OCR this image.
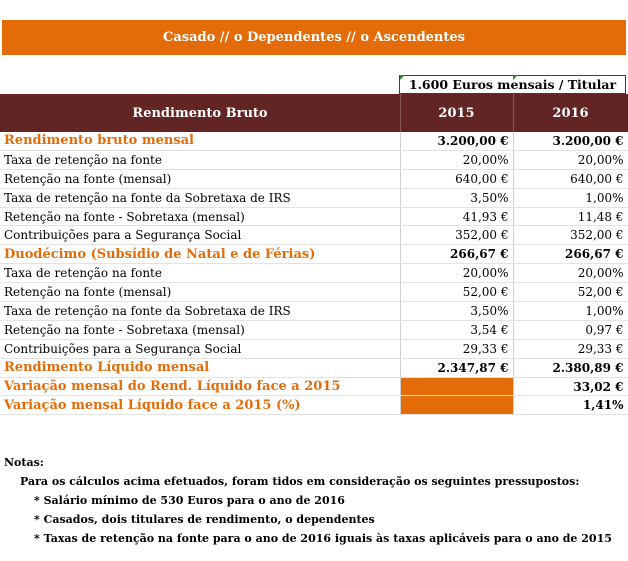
Casado // o Dependentes // o Ascendentes
1.600 Euros mensais / Titular
Rendimento Bruto	2015	2016
Rendimento bruto mensal	3.200,00 €	3.200,00 €
Taxa de retenção na fonte	20,00%	20,00%
Retenção na fonte (mensal)	640,00 €	640,00 €
Taxa de retenção na fonte da Sobretaxa de IRS	3,50%	1,00%
Retenção na fonte - Sobretaxa (mensal)	41,93 €	11,48 €
Contribuições para a Segurança Social	352,00 €	352,00 €
Duodécimo (Subsídio de Natal e de Férias)	266,67 €	266,67 €
Taxa de retenção na fonte	20,00%	20,00%
Retenção na fonte (mensal)	52,00 €	52,00 €
Taxa de retenção na fonte da Sobretaxa de IRS	3,50%	1,00%
Retenção na fonte - Sobretaxa (mensal)	3,54 €	0,97 €
Contribuições para a Segurança Social	29,33 €	29,33 €
Rendimento Líquido mensal	2.347,87 €	2.380,89 €
Variação mensal do Rend. Líquido face a 2015		33,02 €
Variação mensal Líquido face a 2015 (%)		1,41%
Notas:
Para os cálculos acima efetuados, foram tidos em consideração os seguintes pressupostos:
* Salário mínimo de 530 Euros para o ano de 2016
* Casados, dois titulares de rendimento, o dependentes
* Taxas de retenção na fonte para o ano de 2016 iguais às taxas aplicáveis para o ano de 2015
